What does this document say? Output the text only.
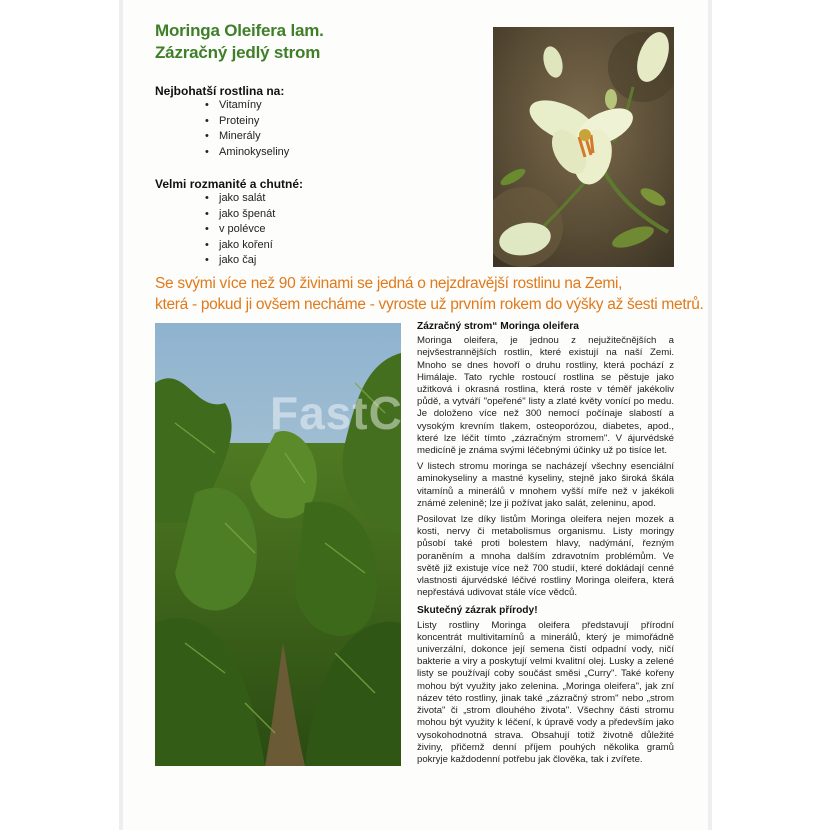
Moringa Oleifera lam.
Zázračný jedlý strom
Nejbohatší rostlina na:
• Vitamíny
• Proteiny
• Minerály
• Aminokyseliny
Velmi rozmanité a chutné:
• jako salát
• jako špenát
• v polévce
• jako koření
• jako čaj
Se svými více než 90 živinami se jedná o nejzdravější rostlinu na Zemi,
která - pokud ji ovšem necháme - vyroste už prvním rokem do výšky až šesti metrů.
Zázračný strom“ Moringa oleifera

Moringa oleifera, je jednou z nejužitečnějších a nejvšestrannějších rostlin, které existují na naší Zemi. Mnoho se dnes hovoří o druhu rostliny, která pochází z Himálaje. Tato rychle rostoucí rostlina se pěstuje jako užitková i okrasná rostlina, která roste v téměř jakékoliv půdě, a vytváří "opeřené" listy a zlaté květy vonící po medu. Je doloženo více než 300 nemocí počínaje slabostí a vysokým krevním tlakem, osteoporózou, diabetes, apod., které lze léčit tímto „zázračným stromem". V ájurvédské medicíně je známa svými léčebnými účinky už po tisíce let.

V listech stromu moringa se nacházejí všechny esenciální aminokyseliny a mastné kyseliny, stejně jako široká škála vitamínů a minerálů v mnohem vyšší míře než v jakékoli známé zelenině; lze ji požívat jako salát, zeleninu, apod.

Posilovat lze díky listům Moringa oleifera nejen mozek a kosti, nervy či metabolismus organismu. Listy moringy působí také proti bolestem hlavy, nadýmání, řezným poraněním a mnoha dalším zdravotním problémům. Ve světě již existuje více než 700 studií, které dokládají cenné vlastnosti ájurvédské léčivé rostliny Moringa oleifera, která nepřestává udivovat stále více vědců.

Skutečný zázrak přírody!

Listy rostliny Moringa oleifera představují přírodní koncentrát multivitamínů a minerálů, který je mimořádně univerzální, dokonce její semena čistí odpadní vody, ničí bakterie a viry a poskytují velmi kvalitní olej. Lusky a zelené listy se používají coby součást směsi „Curry". Také kořeny mohou být využity jako zelenina. „Moringa oleifera", jak zní název této rostliny, jinak také „zázračný strom" nebo „strom života" či „strom dlouhého života". Všechny části stromu mohou být využity k léčení, k úpravě vody a především jako vysokohodnotná strava. Obsahují totiž životně důležité živiny, přičemž denní příjem pouhých několika gramů pokryje každodenní potřebu jak člověka, tak i zvířete.

FastC
